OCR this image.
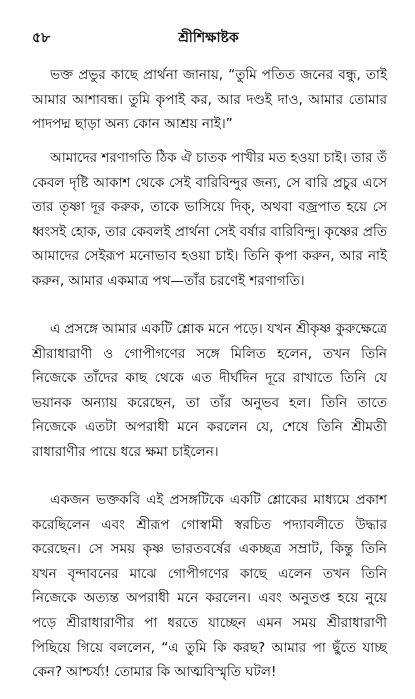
৫৮	শ্রীশিক্ষাষ্টক

ভক্ত প্রভুর কাছে প্রার্থনা জানায়, “তুমি পতিত জনের বন্ধু, তাই আমার আশাবন্ধ। তুমি কৃপাই কর, আর দণ্ডই দাও, আমার তোমার পাদপদ্ম ছাড়া অন্য কোন আশ্রয় নাই।”

আমাদের শরণাগতি ঠিক ঐ চাতক পাখীর মত হওয়া চাই। তার তঁ কেবল দৃষ্টি আকাশ থেকে সেই বারিবিন্দুর জন্য, সে বারি প্রচুর এসে তার তৃষ্ণা দূর করুক, তাকে ভাসিয়ে দিক্‌, অথবা বজ্রপাত হয়ে সে ধ্বংসই হোক, তার কেবলই প্রার্থনা সেই বর্ষার বারিবিন্দু। কৃষ্ণের প্রতি আমাদের সেইরূপ মনোভাব হওয়া চাই। তিনি কৃপা করুন, আর নাই করুন, আমার একমাত্র পথ—তাঁর চরণেই শরণাগতি।

এ প্রসঙ্গে আমার একটি শ্লোক মনে পড়ে। যখন শ্রীকৃষ্ণ কুরুক্ষেত্রে শ্রীরাধারাণী ও গোপীগণের সঙ্গে মিলিত হলেন, তখন তিনি নিজেকে তাঁদের কাছ থেকে এত দীর্ঘদিন দূরে রাখাতে তিনি যে ভয়ানক অন্যায় করেছেন, তা তাঁর অনুভব হল। তিনি তাতে নিজেকে এতটা অপরাধী মনে করলেন যে, শেষে তিনি শ্রীমতী রাধারাণীর পায়ে ধরে ক্ষমা চাইলেন।

একজন ভক্তকবি এই প্রসঙ্গটিকে একটি শ্লোকের মাধ্যমে প্রকাশ করেছিলেন এবং শ্রীরূপ গোস্বামী স্বরচিত পদ্যাবলীতে উদ্ধার করেছেন। সে সময় কৃষ্ণ ভারতবর্ষের একচ্ছত্র সম্রাট, কিন্তু তিনি যখন বৃন্দাবনের মাঝে গোপীগণের কাছে এলেন তখন তিনি নিজেকে অত্যন্ত অপরাধী মনে করলেন। এবং অনুতপ্ত হয়ে নুয়ে পড়ে শ্রীরাধারাণীর পা ধরতে যাচ্ছেন এমন সময় শ্রীরাধারাণী পিছিয়ে গিয়ে বললেন, “এ তুমি কি করছ? আমার পা ছুঁতে যাচ্ছ কেন? আশ্চর্য্য! তোমার কি আত্মবিস্মৃতি ঘটল!
